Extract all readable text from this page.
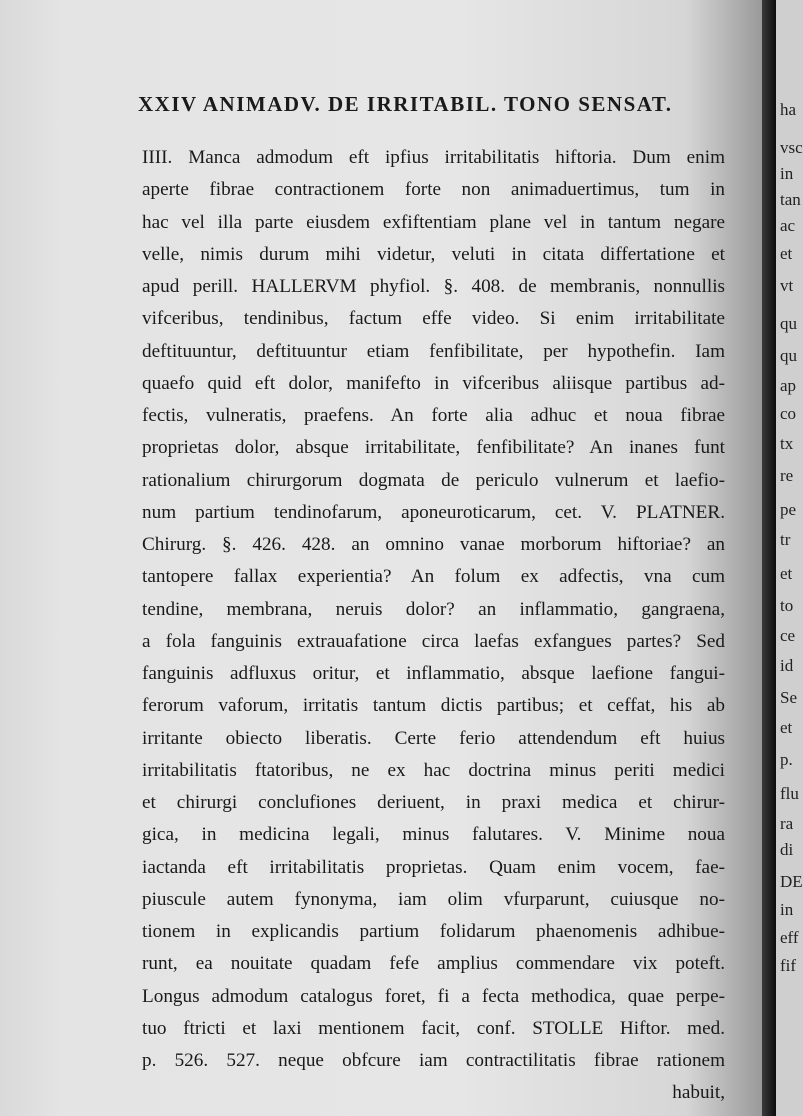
XXIV ANIMADV. DE IRRITABIL. TONO SENSAT.
IIII. Manca admodum eft ipfius irritabilitatis hiftoria. Dum enim
aperte fibrae contractionem forte non animaduertimus, tum in
hac vel illa parte eiusdem exfiftentiam plane vel in tantum negare
velle, nimis durum mihi videtur, veluti in citata differtatione et
apud perill. HALLERVM phyfiol. §. 408. de membranis, nonnullis
vifceribus, tendinibus, factum effe video. Si enim irritabilitate
deftituuntur, deftituuntur etiam fenfibilitate, per hypothefin. Iam
quaefo quid eft dolor, manifefto in vifceribus aliisque partibus ad-
fectis, vulneratis, praefens. An forte alia adhuc et noua fibrae
proprietas dolor, absque irritabilitate, fenfibilitate? An inanes funt
rationalium chirurgorum dogmata de periculo vulnerum et laefio-
num partium tendinofarum, aponeuroticarum, cet. V. PLATNER.
Chirurg. §. 426. 428. an omnino vanae morborum hiftoriae? an
tantopere fallax experientia? An folum ex adfectis, vna cum
tendine, membrana, neruis dolor? an inflammatio, gangraena,
a fola fanguinis extrauafatione circa laefas exfangues partes? Sed
fanguinis adfluxus oritur, et inflammatio, absque laefione fangui-
ferorum vaforum, irritatis tantum dictis partibus; et ceffat, his ab
irritante obiecto liberatis. Certe ferio attendendum eft huius
irritabilitatis ftatoribus, ne ex hac doctrina minus periti medici
et chirurgi conclufiones deriuent, in praxi medica et chirur-
gica, in medicina legali, minus falutares. V. Minime noua
iactanda eft irritabilitatis proprietas. Quam enim vocem, fae-
piuscule autem fynonyma, iam olim vfurparunt, cuiusque no-
tionem in explicandis partium folidarum phaenomenis adhibue-
runt, ea nouitate quadam fefe amplius commendare vix poteft.
Longus admodum catalogus foret, fi a fecta methodica, quae perpe-
tuo ftricti et laxi mentionem facit, conf. STOLLE Hiftor. med.
p. 526. 527. neque obfcure iam contractilitatis fibrae rationem
habuit,
ha
vsc
in
tan
ac
et
vt
qu
qu
ap
co
tx
re
pe
tr
et
to
ce
id
Se
et
p.
flu
ra
di
DE
in
eff
fif
